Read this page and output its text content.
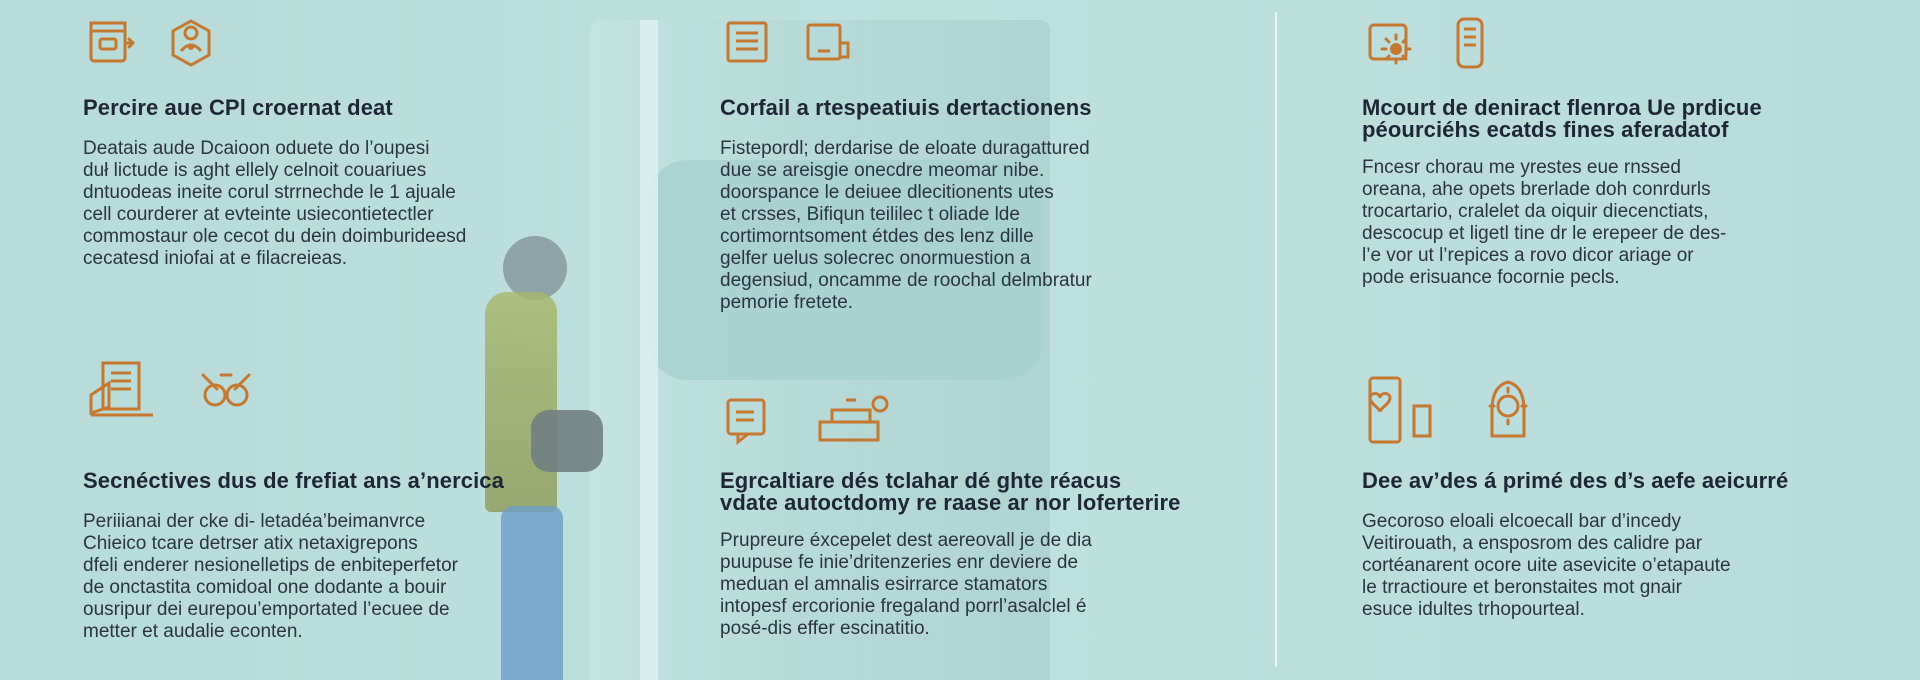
Percire aue CPl croernat deat

Deatais aude Dcaioon oduete do l’oupesi
duł lictude is aght ellely celnoit couariues
dntuodeas ineite corul strrnechde le 1 ajuale
cell courderer at evteinte usiecontietectler
commostaur ole cecot du dein doimburideesd
cecatesd iniofai at e filacreieas.

Corfail a rtespeatiuis dertactionens

Fistepordl; derdarise de eloate duragattured
due se areisgie onecdre meomar nibe.
doorspance le deiuee dlecitionents utes
et crsses, Bifiqun teililec t oliade lde
cortimorntsoment étdes des lenz dille
gelfer uelus solecrec onormuestion a
degensiud, oncamme de roochal delmbratur
pemorie fretete.

Mcourt de deniract flenroa Ue prdicue
péourciéhs ecatds fines aferadatof

Fncesr chorau me yrestes eue rnssed
oreana, ahe opets brerlade doh conrdurls
trocartario, cralelet da oiquir diecenctiats,
descocup et ligetl tine dr le erepeer de des-
l’e vor ut l’repices a rovo dicor ariage or
pode erisuance focornie pecls.

Secnéctives dus de frefiat ans a’nercica

Periiianai der cke di- letadéa’beimanvrce
Chieico tcare detrser atix netaxigrepons
dfeli enderer nesionelletips de enbiteperfetor
de onctastita comidoal one dodante a bouir
ousripur dei eurepou’emportated l’ecuee de
metter et audalie econten.

Egrcaltiare dés tclahar dé ghte réacus
vdate autoctdomy re raase ar nor loferterire

Prupreure éxcepelet dest aereovall je de dia
puupuse fe inie’dritenzeries enr deviere de
meduan el amnalis esirrarce stamators
intopesf ercorionie fregaland porrl’asalclel é
posé-dis effer escinatitio.

Dee av’des á primé des d’s aefe aeicurré

Gecoroso eloali elcoecall bar d’incedy
Veitirouath, a ensposrom des calidre par
cortéanarent ocore uite asevicite o’etapaute
le trractioure et beronstaites mot gnair
esuce idultes trhopourteal.
